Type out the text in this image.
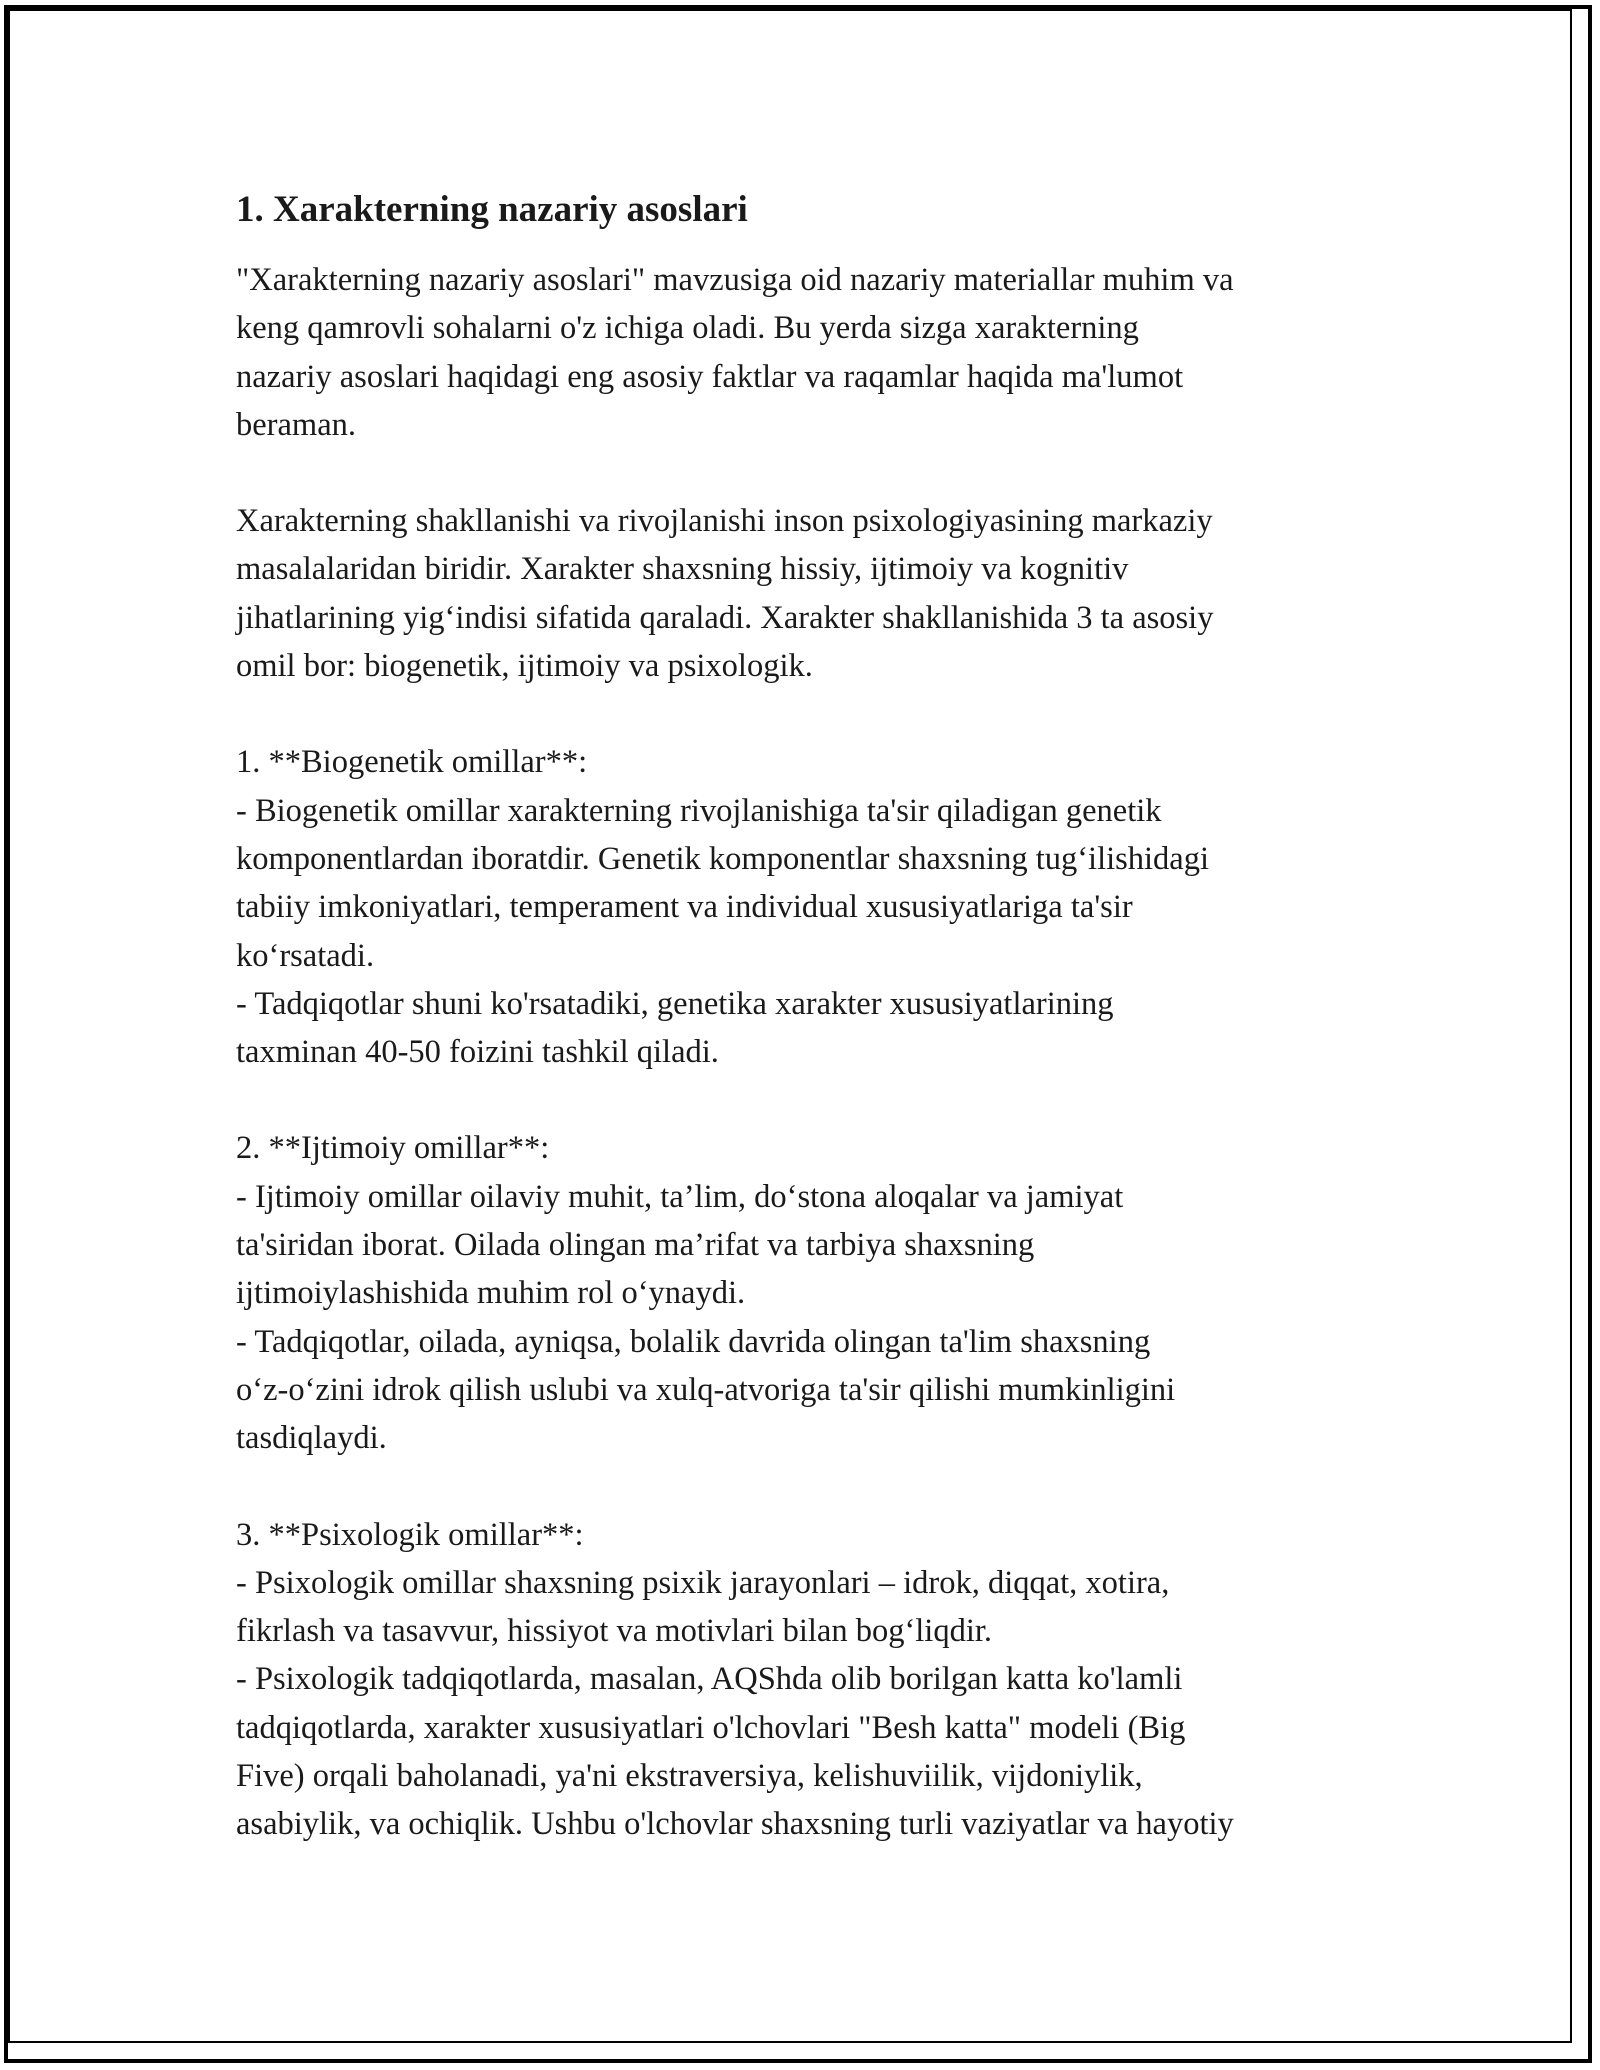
1. Xarakterning nazariy asoslari

"Xarakterning nazariy asoslari" mavzusiga oid nazariy materiallar muhim va
keng qamrovli sohalarni o'z ichiga oladi. Bu yerda sizga xarakterning
nazariy asoslari haqidagi eng asosiy faktlar va raqamlar haqida ma'lumot
beraman.

Xarakterning shakllanishi va rivojlanishi inson psixologiyasining markaziy
masalalaridan biridir. Xarakter shaxsning hissiy, ijtimoiy va kognitiv
jihatlarining yig‘indisi sifatida qaraladi. Xarakter shakllanishida 3 ta asosiy
omil bor: biogenetik, ijtimoiy va psixologik.

1. **Biogenetik omillar**:
- Biogenetik omillar xarakterning rivojlanishiga ta'sir qiladigan genetik
komponentlardan iboratdir. Genetik komponentlar shaxsning tug‘ilishidagi
tabiiy imkoniyatlari, temperament va individual xususiyatlariga ta'sir
ko‘rsatadi.
- Tadqiqotlar shuni ko'rsatadiki, genetika xarakter xususiyatlarining
taxminan 40-50 foizini tashkil qiladi.

2. **Ijtimoiy omillar**:
- Ijtimoiy omillar oilaviy muhit, ta’lim, do‘stona aloqalar va jamiyat
ta'siridan iborat. Oilada olingan ma’rifat va tarbiya shaxsning
ijtimoiylashishida muhim rol o‘ynaydi.
- Tadqiqotlar, oilada, ayniqsa, bolalik davrida olingan ta'lim shaxsning
o‘z-o‘zini idrok qilish uslubi va xulq-atvoriga ta'sir qilishi mumkinligini
tasdiqlaydi.

3. **Psixologik omillar**:
- Psixologik omillar shaxsning psixik jarayonlari – idrok, diqqat, xotira,
fikrlash va tasavvur, hissiyot va motivlari bilan bog‘liqdir.
- Psixologik tadqiqotlarda, masalan, AQShda olib borilgan katta ko'lamli
tadqiqotlarda, xarakter xususiyatlari o'lchovlari "Besh katta" modeli (Big
Five) orqali baholanadi, ya'ni ekstraversiya, kelishuviilik, vijdoniylik,
asabiylik, va ochiqlik. Ushbu o'lchovlar shaxsning turli vaziyatlar va hayotiy
